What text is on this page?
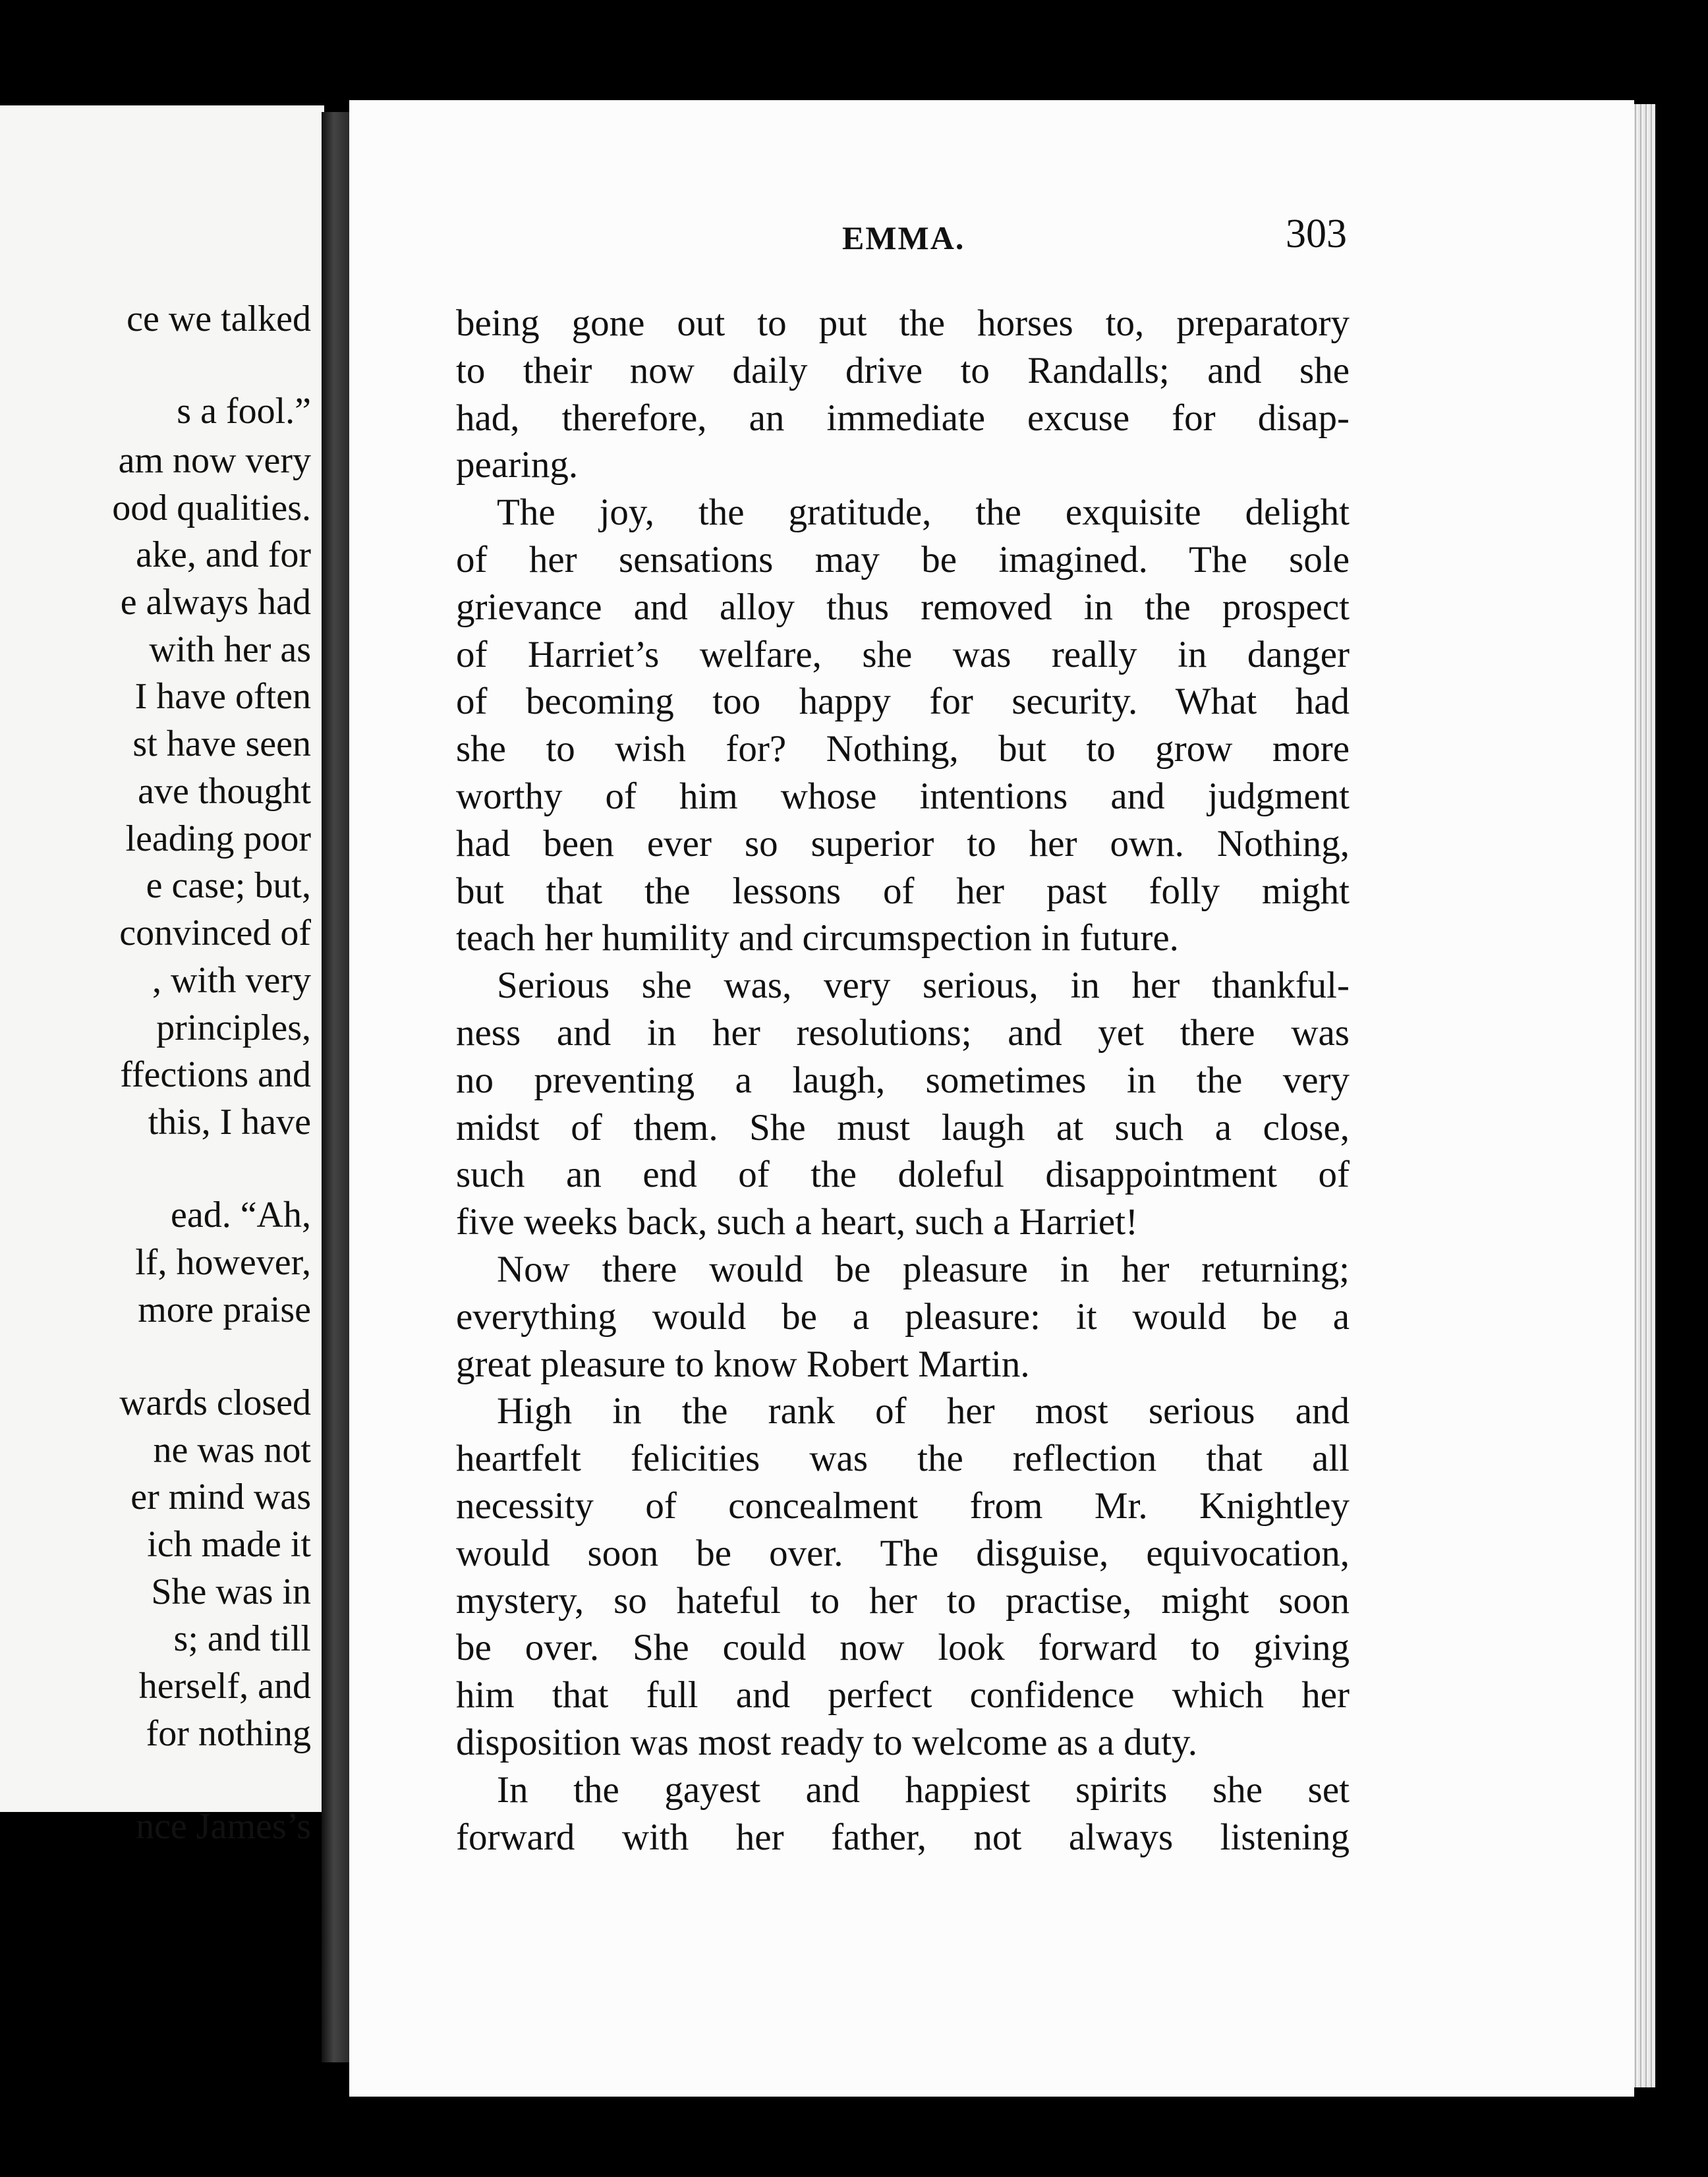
ce we talked
s a fool.”
am now very
ood qualities.
ake, and for
e always had
with her as
I have often
st have seen
ave thought
leading poor
e case; but,
convinced of
, with very
principles,
ffections and
this, I have
ead. “Ah,
lf, however,
more praise
wards closed
ne was not
er mind was
ich made it
She was in
s; and till
herself, and
for nothing
nce James’s
EMMA.	303
being gone out to put the horses to, preparatory
to their now daily drive to Randalls; and she
had, therefore, an immediate excuse for disap-
pearing.
The joy, the gratitude, the exquisite delight
of her sensations may be imagined. The sole
grievance and alloy thus removed in the prospect
of Harriet’s welfare, she was really in danger
of becoming too happy for security. What had
she to wish for? Nothing, but to grow more
worthy of him whose intentions and judgment
had been ever so superior to her own. Nothing,
but that the lessons of her past folly might
teach her humility and circumspection in future.
Serious she was, very serious, in her thankful-
ness and in her resolutions; and yet there was
no preventing a laugh, sometimes in the very
midst of them. She must laugh at such a close,
such an end of the doleful disappointment of
five weeks back, such a heart, such a Harriet!
Now there would be pleasure in her returning;
everything would be a pleasure: it would be a
great pleasure to know Robert Martin.
High in the rank of her most serious and
heartfelt felicities was the reflection that all
necessity of concealment from Mr. Knightley
would soon be over. The disguise, equivocation,
mystery, so hateful to her to practise, might soon
be over. She could now look forward to giving
him that full and perfect confidence which her
disposition was most ready to welcome as a duty.
In the gayest and happiest spirits she set
forward with her father, not always listening
